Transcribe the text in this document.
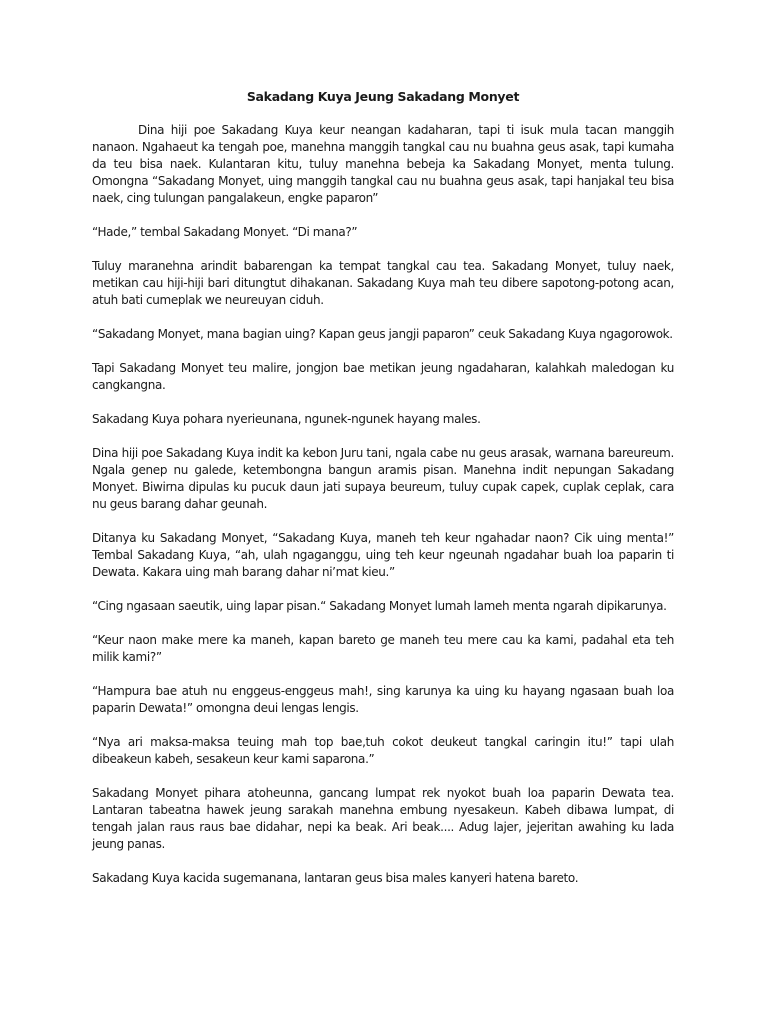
Sakadang Kuya Jeung Sakadang Monyet

Dina hiji poe Sakadang Kuya keur neangan kadaharan, tapi ti isuk mula tacan manggih nanaon. Ngahaeut ka tengah poe, manehna manggih tangkal cau nu buahna geus asak, tapi kumaha da teu bisa naek. Kulantaran kitu, tuluy manehna bebeja ka Sakadang Monyet, menta tulung. Omongna “Sakadang Monyet, uing manggih tangkal cau nu buahna geus asak, tapi hanjakal teu bisa naek, cing tulungan pangalakeun, engke paparon”

“Hade,” tembal Sakadang Monyet. “Di mana?”

Tuluy maranehna arindit babarengan ka tempat tangkal cau tea. Sakadang Monyet, tuluy naek, metikan cau hiji-hiji bari ditungtut dihakanan. Sakadang Kuya mah teu dibere sapotong-potong acan, atuh bati cumeplak we neureuyan ciduh.

“Sakadang Monyet, mana bagian uing? Kapan geus jangji paparon” ceuk Sakadang Kuya ngagorowok.

Tapi Sakadang Monyet teu malire, jongjon bae metikan jeung ngadaharan, kalahkah maledogan ku cangkangna.

Sakadang Kuya pohara nyerieunana, ngunek-ngunek hayang males.

Dina hiji poe Sakadang Kuya indit ka kebon Juru tani, ngala cabe nu geus arasak, warnana bareureum. Ngala genep nu galede, ketembongna bangun aramis pisan. Manehna indit nepungan Sakadang Monyet. Biwirna dipulas ku pucuk daun jati supaya beureum, tuluy cupak capek, cuplak ceplak, cara nu geus barang dahar geunah.

Ditanya ku Sakadang Monyet, “Sakadang Kuya, maneh teh keur ngahadar naon? Cik uing menta!” Tembal Sakadang Kuya, “ah, ulah ngaganggu, uing teh keur ngeunah ngadahar buah loa paparin ti Dewata. Kakara uing mah barang dahar ni’mat kieu.”

“Cing ngasaan saeutik, uing lapar pisan.“ Sakadang Monyet lumah lameh menta ngarah dipikarunya.

“Keur naon make mere ka maneh, kapan bareto ge maneh teu mere cau ka kami, padahal eta teh milik kami?”

“Hampura bae atuh nu enggeus-enggeus mah!, sing karunya ka uing ku hayang ngasaan buah loa paparin Dewata!” omongna deui lengas lengis.

“Nya ari maksa-maksa teuing mah top bae,tuh cokot deukeut tangkal caringin itu!” tapi ulah dibeakeun kabeh, sesakeun keur kami saparona.”

Sakadang Monyet pihara atoheunna, gancang lumpat rek nyokot buah loa paparin Dewata tea. Lantaran tabeatna hawek jeung sarakah manehna embung nyesakeun. Kabeh dibawa lumpat, di tengah jalan raus raus bae didahar, nepi ka beak. Ari beak.... Adug lajer, jejeritan awahing ku lada jeung panas.

Sakadang Kuya kacida sugemanana, lantaran geus bisa males kanyeri hatena bareto.
